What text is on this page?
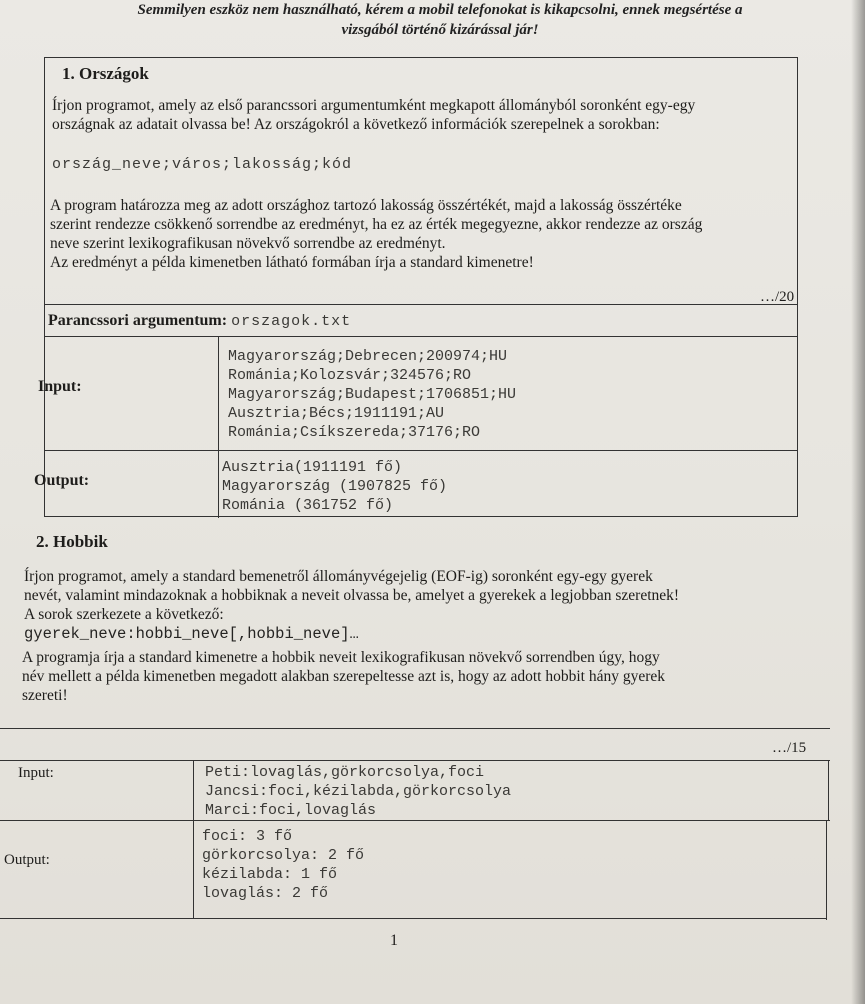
Semmilyen eszköz nem használható, kérem a mobil telefonokat is kikapcsolni, ennek megsértése a
vizsgából történő kizárással jár!
1. Országok
Írjon programot, amely az első parancssori argumentumként megkapott állományból soronként egy-egy
országnak az adatait olvassa be! Az országokról a következő információk szerepelnek a sorokban:
ország_neve;város;lakosság;kód
A program határozza meg az adott országhoz tartozó lakosság összértékét, majd a lakosság összértéke
szerint rendezze csökkenő sorrendbe az eredményt, ha ez az érték megegyezne, akkor rendezze az ország
neve szerint lexikografikusan növekvő sorrendbe az eredményt.
Az eredményt a példa kimenetben látható formában írja a standard kimenetre!
…/20
Parancssori argumentum: orszagok.txt
Input:
Magyarország;Debrecen;200974;HU
Románia;Kolozsvár;324576;RO
Magyarország;Budapest;1706851;HU
Ausztria;Bécs;1911191;AU
Románia;Csíkszereda;37176;RO
Output:
Ausztria(1911191 fő)
Magyarország (1907825 fő)
Románia (361752 fő)
2. Hobbik
Írjon programot, amely a standard bemenetről állományvégejelig (EOF-ig) soronként egy-egy gyerek
nevét, valamint mindazoknak a hobbiknak a neveit olvassa be, amelyet a gyerekek a legjobban szeretnek!
A sorok szerkezete a következő:
gyerek_neve:hobbi_neve[,hobbi_neve]…
A programja írja a standard kimenetre a hobbik neveit lexikografikusan növekvő sorrendben úgy, hogy
név mellett a példa kimenetben megadott alakban szerepeltesse azt is, hogy az adott hobbit hány gyerek
szereti!
…/15
Input:	Peti:lovaglás,görkorcsolya,foci
Jancsi:foci,kézilabda,görkorcsolya
Marci:foci,lovaglás
Output:
foci: 3 fő
görkorcsolya: 2 fő
kézilabda: 1 fő
lovaglás: 2 fő
1
